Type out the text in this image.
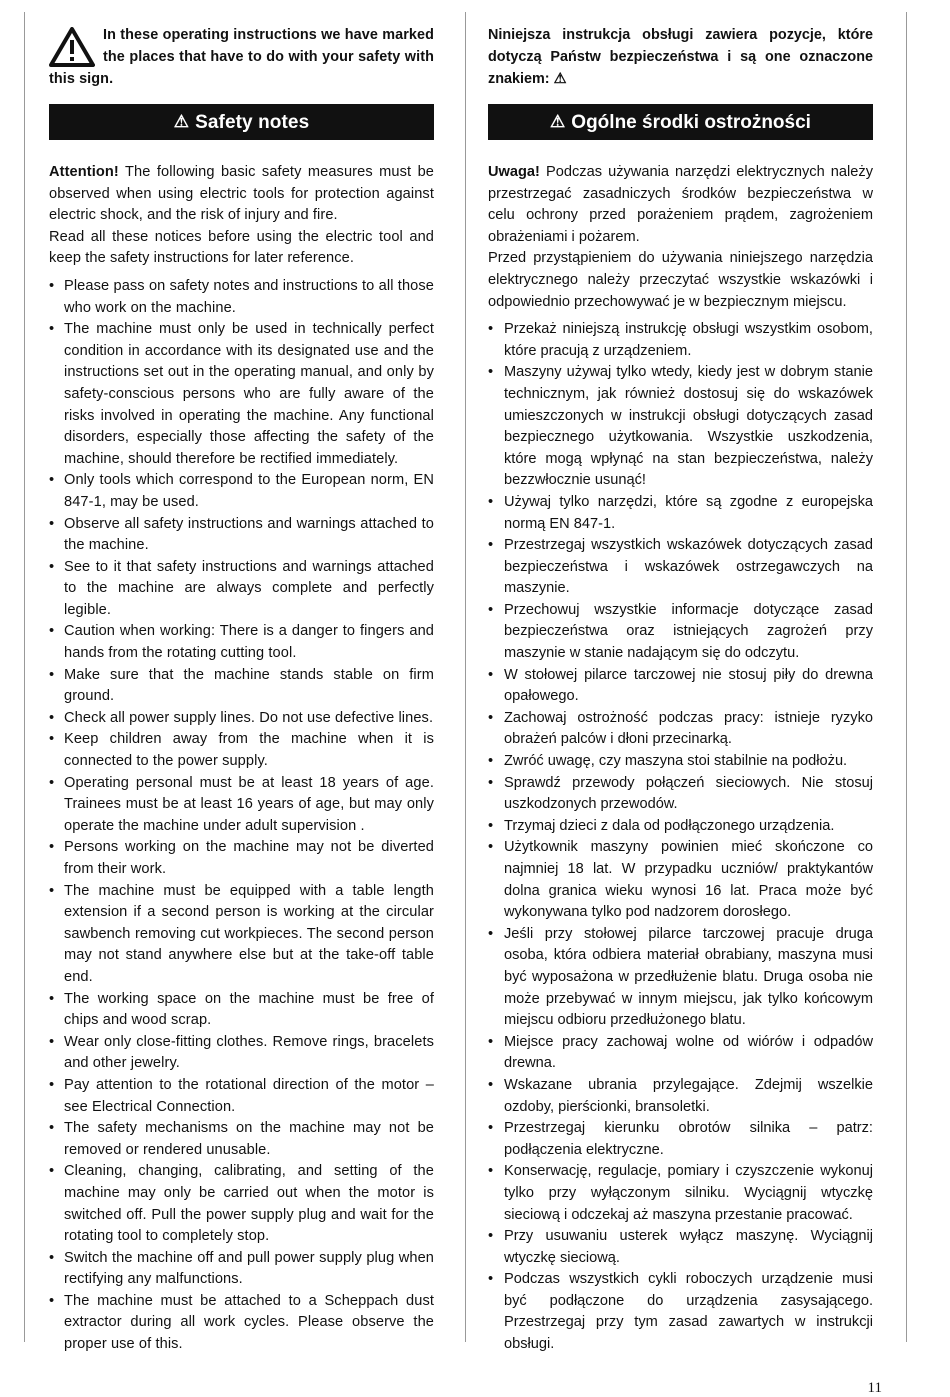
In these operating instructions we have marked the places that have to do with your safety with this sign.

⚠ Safety notes

Attention! The following basic safety measures must be observed when using electric tools for protection against electric shock, and the risk of injury and fire.

Read all these notices before using the electric tool and keep the safety instructions for later reference.

• Please pass on safety notes and instructions to all those who work on the machine.
• The machine must only be used in technically perfect condition in accordance with its designated use and the instructions set out in the operating manual, and only by safety-conscious persons who are fully aware of the risks involved in operating the machine. Any functional disorders, especially those affecting the safety of the machine, should therefore be rectified immediately.
• Only tools which correspond to the European norm, EN 847-1, may be used.
• Observe all safety instructions and warnings attached to the machine.
• See to it that safety instructions and warnings attached to the machine are always complete and perfectly legible.
• Caution when working: There is a danger to fingers and hands from the rotating cutting tool.
• Make sure that the machine stands stable on firm ground.
• Check all power supply lines. Do not use defective lines.
• Keep children away from the machine when it is connected to the power supply.
• Operating personal must be at least 18 years of age. Trainees must be at least 16 years of age, but may only operate the machine under adult supervision .
• Persons working on the machine may not be diverted from their work.
• The machine must be equipped with a table length extension if a second person is working at the circular sawbench removing cut workpieces. The second person may not stand anywhere else but at the take-off table end.
• The working space on the machine must be free of chips and wood scrap.
• Wear only close-fitting clothes. Remove rings, bracelets and other jewelry.
• Pay attention to the rotational direction of the motor – see Electrical Connection.
• The safety mechanisms on the machine may not be removed or rendered unusable.
• Cleaning, changing, calibrating, and setting of the machine may only be carried out when the motor is switched off. Pull the power supply plug and wait for the rotating tool to completely stop.
• Switch the machine off and pull power supply plug when rectifying any malfunctions.
• The machine must be attached to a Scheppach dust extractor during all work cycles. Please observe the proper use of this.

Niniejsza instrukcja obsługi zawiera pozycje, które dotyczą Państw bezpieczeństwa i są one oznaczone znakiem: ⚠

⚠ Ogólne środki ostrożności

Uwaga! Podczas używania narzędzi elektrycznych należy przestrzegać zasadniczych środków bezpieczeństwa w celu ochrony przed porażeniem prądem, zagrożeniem obrażeniami i pożarem.

Przed przystąpieniem do używania niniejszego narzędzia elektrycznego należy przeczytać wszystkie wskazówki i odpowiednio przechowywać je w bezpiecznym miejscu.

• Przekaż niniejszą instrukcję obsługi wszystkim osobom, które pracują z urządzeniem.
• Maszyny używaj tylko wtedy, kiedy jest w dobrym stanie technicznym, jak również dostosuj się do wskazówek umieszczonych w instrukcji obsługi dotyczących zasad bezpiecznego użytkowania. Wszystkie uszkodzenia, które mogą wpłynąć na stan bezpieczeństwa, należy bezzwłocznie usunąć!
• Używaj tylko narzędzi, które są zgodne z europejska normą EN 847-1.
• Przestrzegaj wszystkich wskazówek dotyczących zasad bezpieczeństwa i wskazówek ostrzegawczych na maszynie.
• Przechowuj wszystkie informacje dotyczące zasad bezpieczeństwa oraz istniejących zagrożeń przy maszynie w stanie nadającym się do odczytu.
• W stołowej pilarce tarczowej nie stosuj piły do drewna opałowego.
• Zachowaj ostrożność podczas pracy: istnieje ryzyko obrażeń palców i dłoni przecinarką.
• Zwróć uwagę, czy maszyna stoi stabilnie na podłożu.
• Sprawdź przewody połączeń sieciowych. Nie stosuj uszkodzonych przewodów.
• Trzymaj dzieci z dala od podłączonego urządzenia.
• Użytkownik maszyny powinien mieć skończone co najmniej 18 lat. W przypadku uczniów/ praktykantów dolna granica wieku wynosi 16 lat. Praca może być wykonywana tylko pod nadzorem dorosłego.
• Jeśli przy stołowej pilarce tarczowej pracuje druga osoba, która odbiera materiał obrabiany, maszyna musi być wyposażona w przedłużenie blatu. Druga osoba nie może przebywać w innym miejscu, jak tylko końcowym miejscu odbioru przedłużonego blatu.
• Miejsce pracy zachowaj wolne od wiórów i odpadów drewna.
• Wskazane ubrania przylegające. Zdejmij wszelkie ozdoby, pierścionki, bransoletki.
• Przestrzegaj kierunku obrotów silnika – patrz: podłączenia elektryczne.
• Konserwację, regulacje, pomiary i czyszczenie wykonuj tylko przy wyłączonym silniku. Wyciągnij wtyczkę sieciową i odczekaj aż maszyna przestanie pracować.
• Przy usuwaniu usterek wyłącz maszynę. Wyciągnij wtyczkę sieciową.
• Podczas wszystkich cykli roboczych urządzenie musi być podłączone do urządzenia zasysającego. Przestrzegaj przy tym zasad zawartych w instrukcji obsługi.
11
